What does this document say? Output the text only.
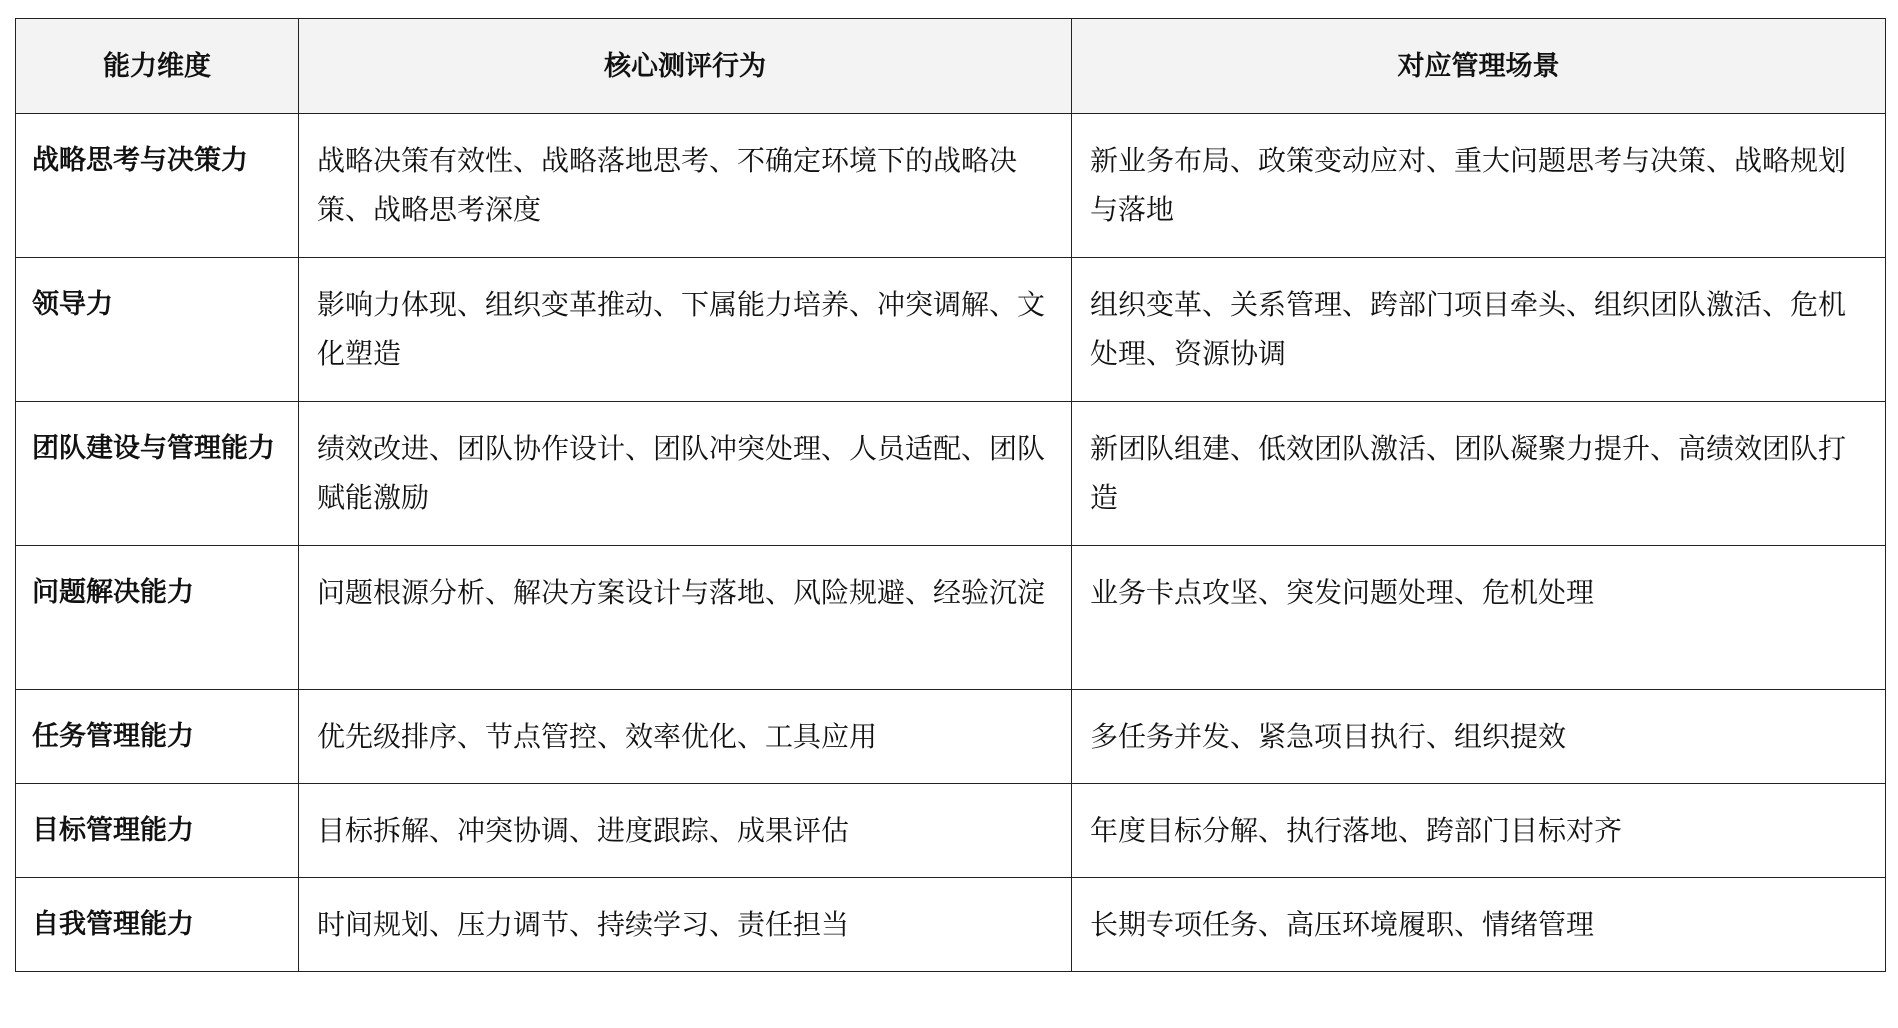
能力维度	核心测评行为	对应管理场景
战略思考与决策力	战略决策有效性、战略落地思考、不确定环境下的战略决策、战略思考深度	新业务布局、政策变动应对、重大问题思考与决策、战略规划与落地
领导力	影响力体现、组织变革推动、下属能力培养、冲突调解、文化塑造	组织变革、关系管理、跨部门项目牵头、组织团队激活、危机处理、资源协调
团队建设与管理能力	绩效改进、团队协作设计、团队冲突处理、人员适配、团队赋能激励	新团队组建、低效团队激活、团队凝聚力提升、高绩效团队打造
问题解决能力	问题根源分析、解决方案设计与落地、风险规避、经验沉淀	业务卡点攻坚、突发问题处理、危机处理
任务管理能力	优先级排序、节点管控、效率优化、工具应用	多任务并发、紧急项目执行、组织提效
目标管理能力	目标拆解、冲突协调、进度跟踪、成果评估	年度目标分解、执行落地、跨部门目标对齐
自我管理能力	时间规划、压力调节、持续学习、责任担当	长期专项任务、高压环境履职、情绪管理
